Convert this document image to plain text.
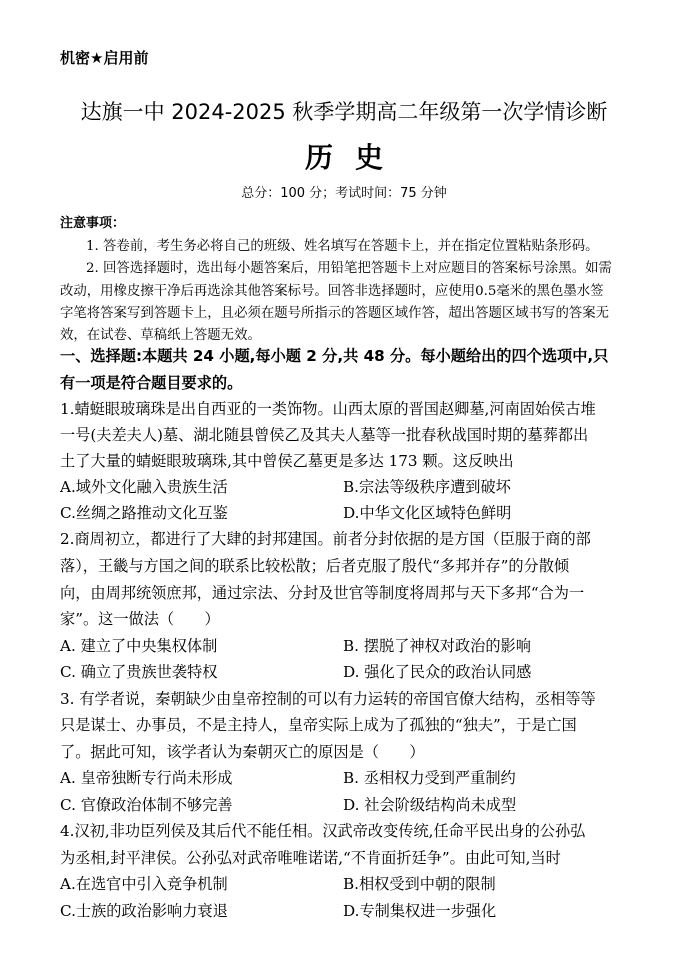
机密★启用前
达旗一中 2024-2025 秋季学期高二年级第一次学情诊断
历史
总分：100 分；考试时间：75 分钟
注意事项：
1. 答卷前，考生务必将自己的班级、姓名填写在答题卡上，并在指定位置粘贴条形码。
2. 回答选择题时，选出每小题答案后，用铅笔把答题卡上对应题目的答案标号涂黑。如需
改动，用橡皮擦干净后再选涂其他答案标号。回答非选择题时，应使用0.5毫米的黑色墨水签
字笔将答案写到答题卡上，且必须在题号所指示的答题区域作答，超出答题区域书写的答案无
效，在试卷、草稿纸上答题无效。
一、选择题:本题共 24 小题,每小题 2 分,共 48 分。每小题给出的四个选项中,只
有一项是符合题目要求的。
1.蜻蜓眼玻璃珠是出自西亚的一类饰物。山西太原的晋国赵卿墓,河南固始侯古堆
一号(夫差夫人)墓、湖北随县曾侯乙及其夫人墓等一批春秋战国时期的墓葬都出
土了大量的蜻蜓眼玻璃珠,其中曾侯乙墓更是多达 173 颗。这反映出
A.域外文化融入贵族生活	B.宗法等级秩序遭到破坏
C.丝绸之路推动文化互鉴	D.中华文化区域特色鲜明
2.商周初立，都进行了大肆的封邦建国。前者分封依据的是方国（臣服于商的部
落），王畿与方国之间的联系比较松散；后者克服了殷代“多邦并存”的分散倾
向，由周邦统领庶邦，通过宗法、分封及世官等制度将周邦与天下多邦“合为一
家”。这一做法（　　）
A. 建立了中央集权体制	B. 摆脱了神权对政治的影响
C. 确立了贵族世袭特权	D. 强化了民众的政治认同感
3. 有学者说，秦朝缺少由皇帝控制的可以有力运转的帝国官僚大结构，丞相等等
只是谋士、办事员，不是主持人，皇帝实际上成为了孤独的“独夫”，于是亡国
了。据此可知，该学者认为秦朝灭亡的原因是（　　）
A. 皇帝独断专行尚未形成	B. 丞相权力受到严重制约
C. 官僚政治体制不够完善	D. 社会阶级结构尚未成型
4.汉初,非功臣列侯及其后代不能任相。汉武帝改变传统,任命平民出身的公孙弘
为丞相,封平津侯。公孙弘对武帝唯唯诺诺,“不肯面折廷争”。由此可知,当时
A.在选官中引入竞争机制	B.相权受到中朝的限制
C.士族的政治影响力衰退	D.专制集权进一步强化
